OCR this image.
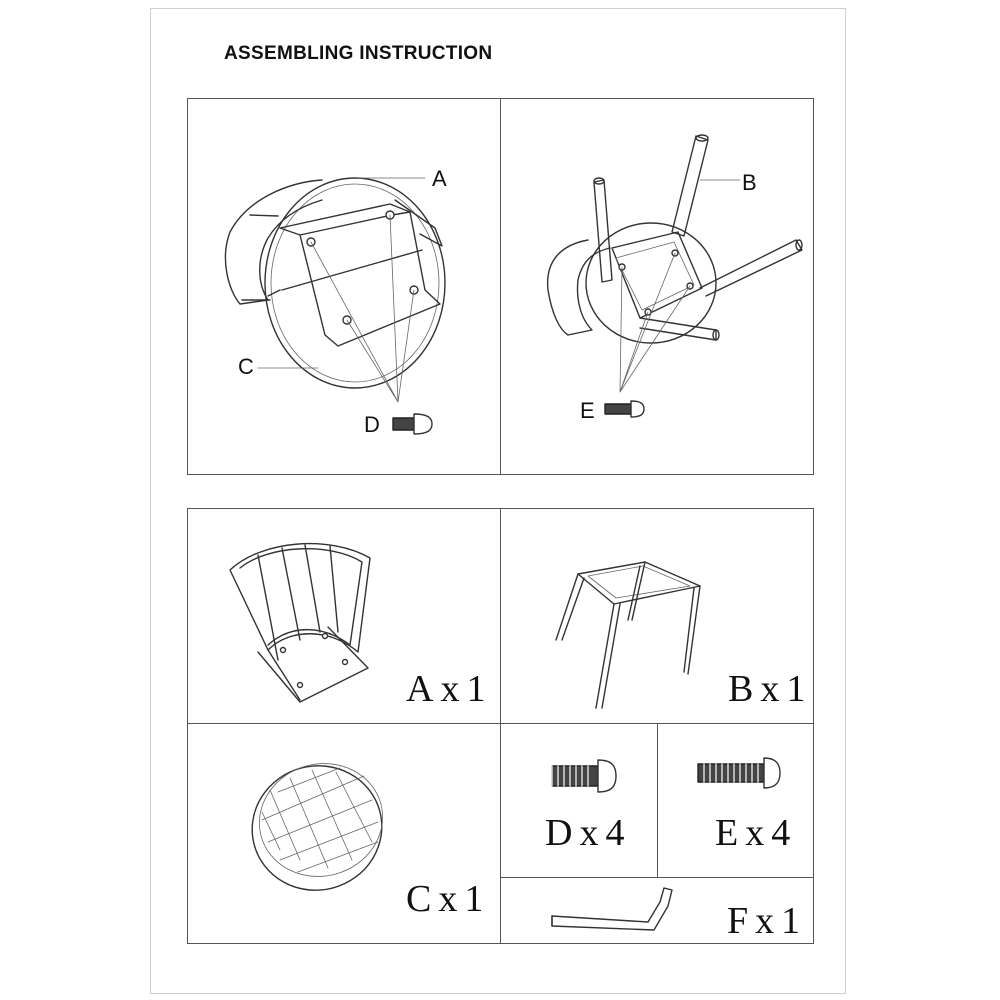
ASSEMBLING INSTRUCTION
A
C
D
B
E
Ax1	Bx1
Cx1
Dx4 Ex4
Fx1
